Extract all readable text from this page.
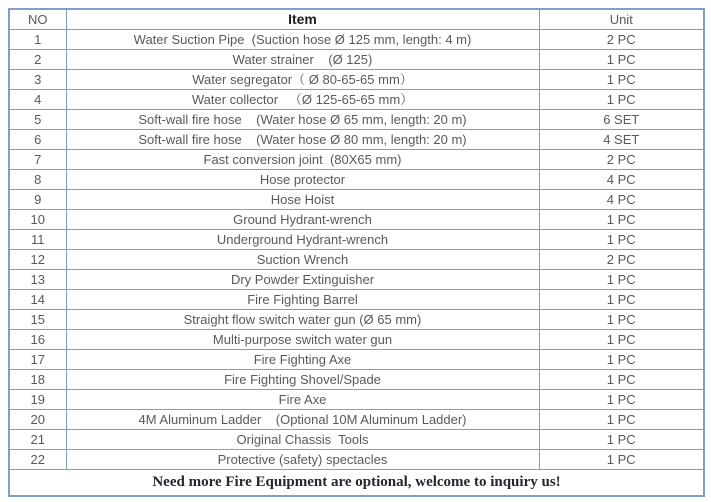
NO	Item	Unit
1	Water Suction Pipe  (Suction hose Ø 125 mm, length: 4 m)	2 PC
2	Water strainer    (Ø 125)	1 PC
3	Water segregator（ Ø 80-65-65 mm）	1 PC
4	Water collector   （Ø 125-65-65 mm）	1 PC
5	Soft-wall fire hose    (Water hose Ø 65 mm, length: 20 m)	6 SET
6	Soft-wall fire hose    (Water hose Ø 80 mm, length: 20 m)	4 SET
7	Fast conversion joint  (80X65 mm)	2 PC
8	Hose protector	4 PC
9	Hose Hoist	4 PC
10	Ground Hydrant-wrench	1 PC
11	Underground Hydrant-wrench	1 PC
12	Suction Wrench	2 PC
13	Dry Powder Extinguisher	1 PC
14	Fire Fighting Barrel	1 PC
15	Straight flow switch water gun (Ø 65 mm)	1 PC
16	Multi-purpose switch water gun	1 PC
17	Fire Fighting Axe	1 PC
18	Fire Fighting Shovel/Spade	1 PC
19	Fire Axe	1 PC
20	4M Aluminum Ladder    (Optional 10M Aluminum Ladder)	1 PC
21	Original Chassis  Tools	1 PC
22	Protective (safety) spectacles	1 PC
Need more Fire Equipment are optional, welcome to inquiry us!		
